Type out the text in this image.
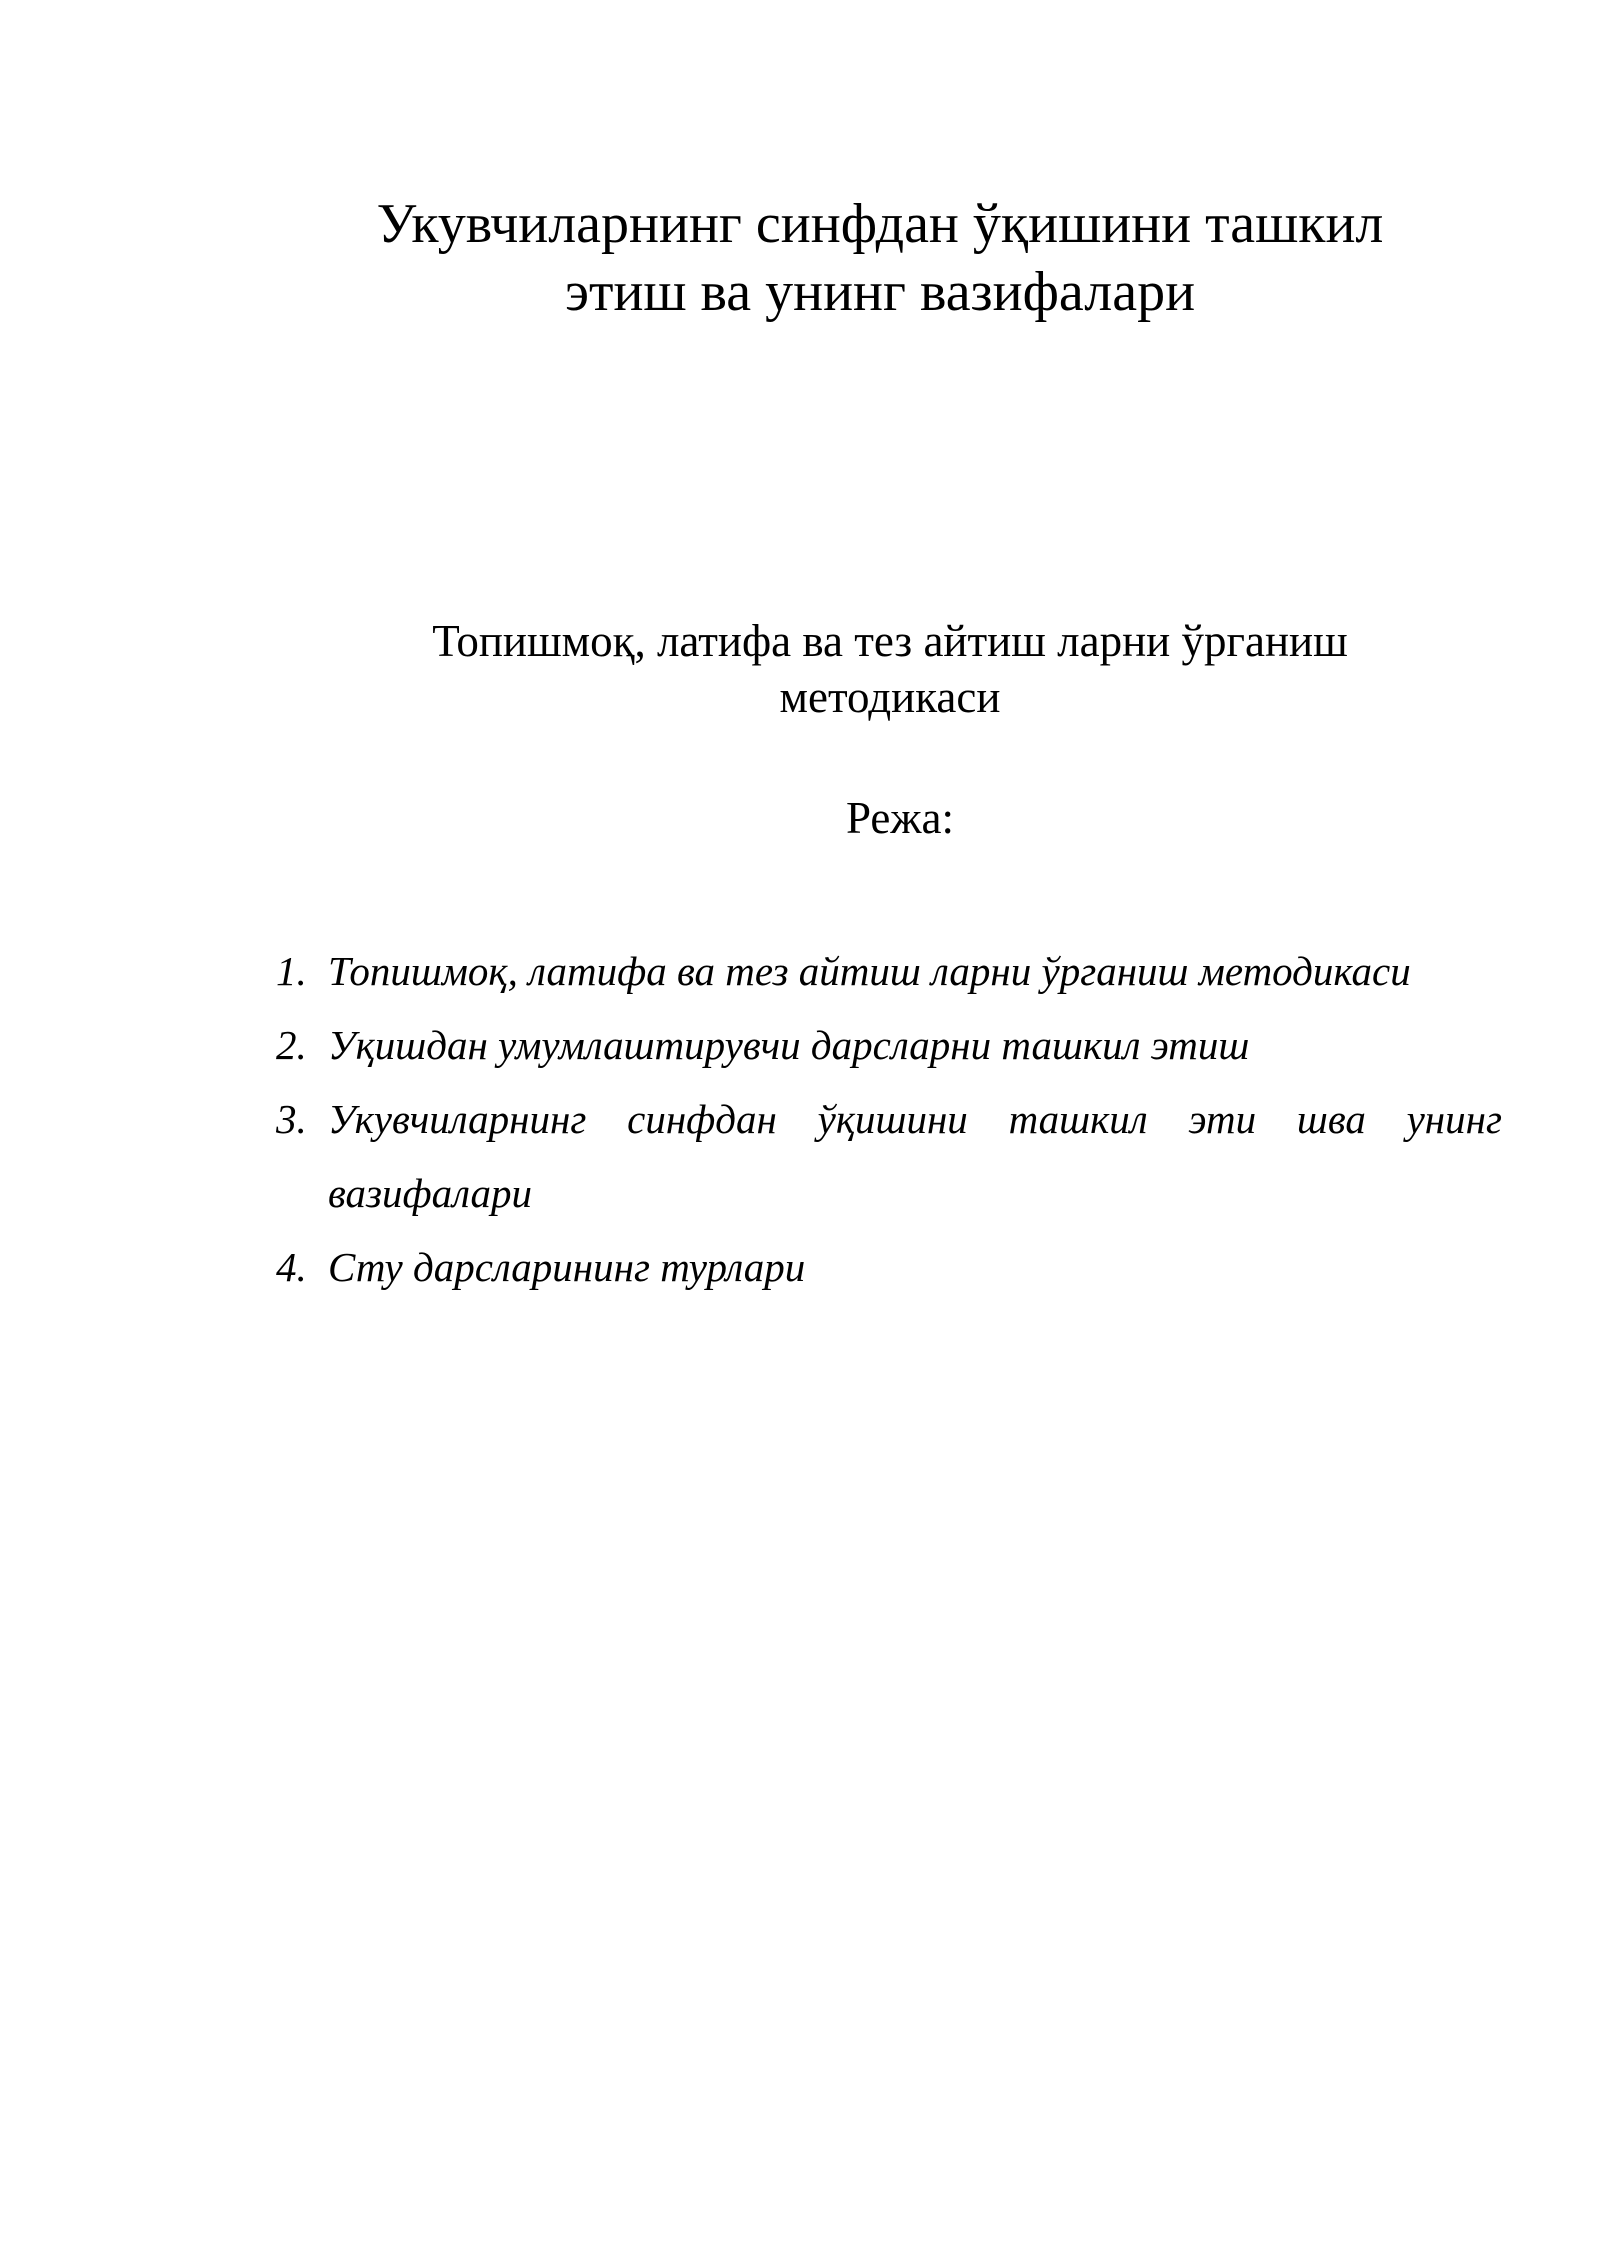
Укувчиларнинг синфдан ўқишини ташкил
этиш ва унинг вазифалари
Топишмоқ, латифа ва тез айтиш ларни ўрганиш
методикаси
Режа:
1. Топишмоқ, латифа ва тез айтиш ларни ўрганиш методикаси
2. Уқишдан умумлаштирувчи дарсларни ташкил этиш
3. Укувчиларнинг синфдан ўқишини ташкил эти шва унинг
вазифалари
4. Сту дарсларининг турлари
